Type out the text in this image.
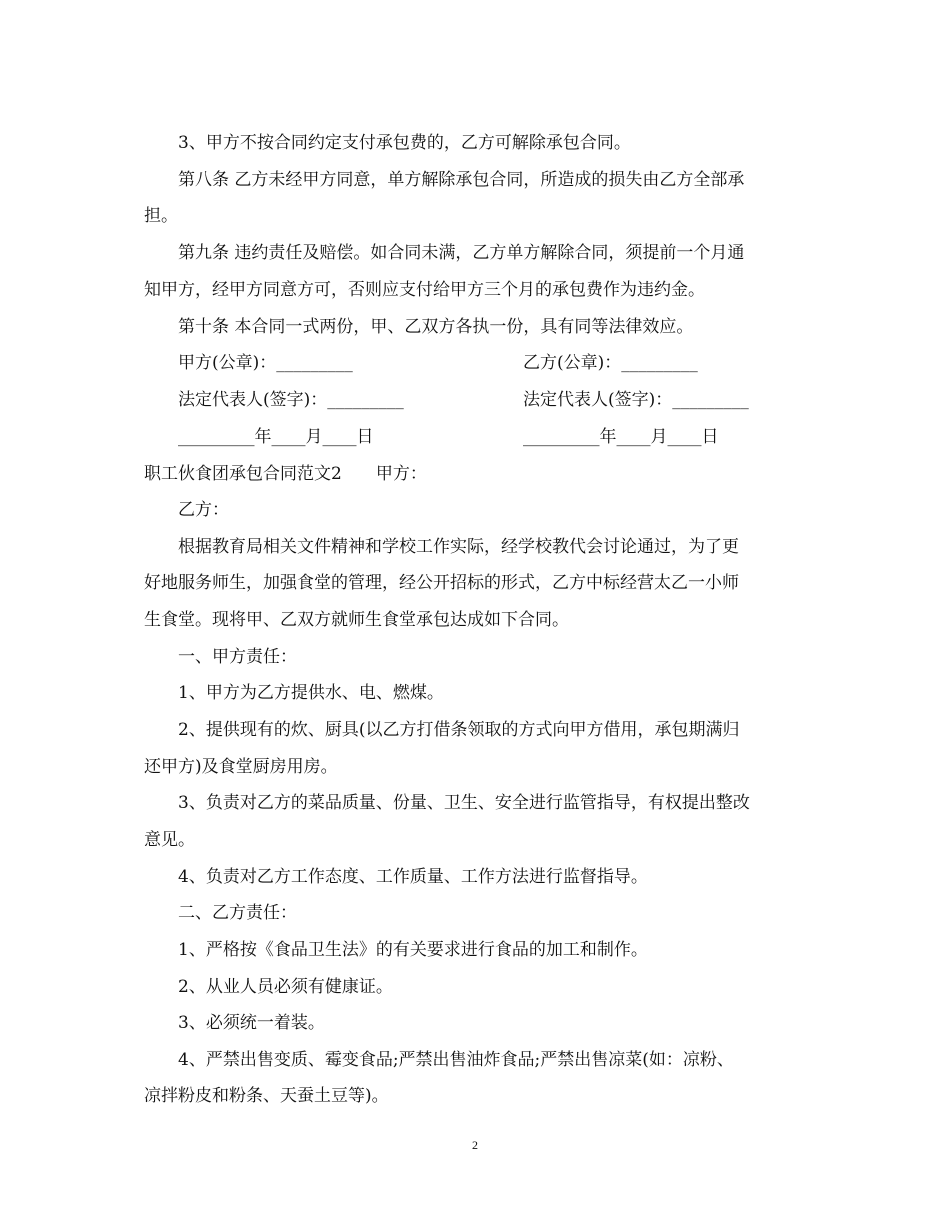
3、甲方不按合同约定支付承包费的，乙方可解除承包合同。
第八条 乙方未经甲方同意，单方解除承包合同，所造成的损失由乙方全部承
担。
第九条 违约责任及赔偿。如合同未满，乙方单方解除合同，须提前一个月通
知甲方，经甲方同意方可，否则应支付给甲方三个月的承包费作为违约金。
第十条 本合同一式两份，甲、乙双方各执一份，具有同等法律效应。
甲方(公章)：_________	乙方(公章)：_________
法定代表人(签字)：_________	法定代表人(签字)：_________
_________年____月____日	_________年____月____日
职工伙食团承包合同范文2 甲方：
乙方：
根据教育局相关文件精神和学校工作实际，经学校教代会讨论通过，为了更
好地服务师生，加强食堂的管理，经公开招标的形式，乙方中标经营太乙一小师
生食堂。现将甲、乙双方就师生食堂承包达成如下合同。
一、甲方责任：
1、甲方为乙方提供水、电、燃煤。
2、提供现有的炊、厨具(以乙方打借条领取的方式向甲方借用，承包期满归
还甲方)及食堂厨房用房。
3、负责对乙方的菜品质量、份量、卫生、安全进行监管指导，有权提出整改
意见。
4、负责对乙方工作态度、工作质量、工作方法进行监督指导。
二、乙方责任：
1、严格按《食品卫生法》的有关要求进行食品的加工和制作。
2、从业人员必须有健康证。
3、必须统一着装。
4、严禁出售变质、霉变食品;严禁出售油炸食品;严禁出售凉菜(如：凉粉、
凉拌粉皮和粉条、天蚕土豆等)。
2
